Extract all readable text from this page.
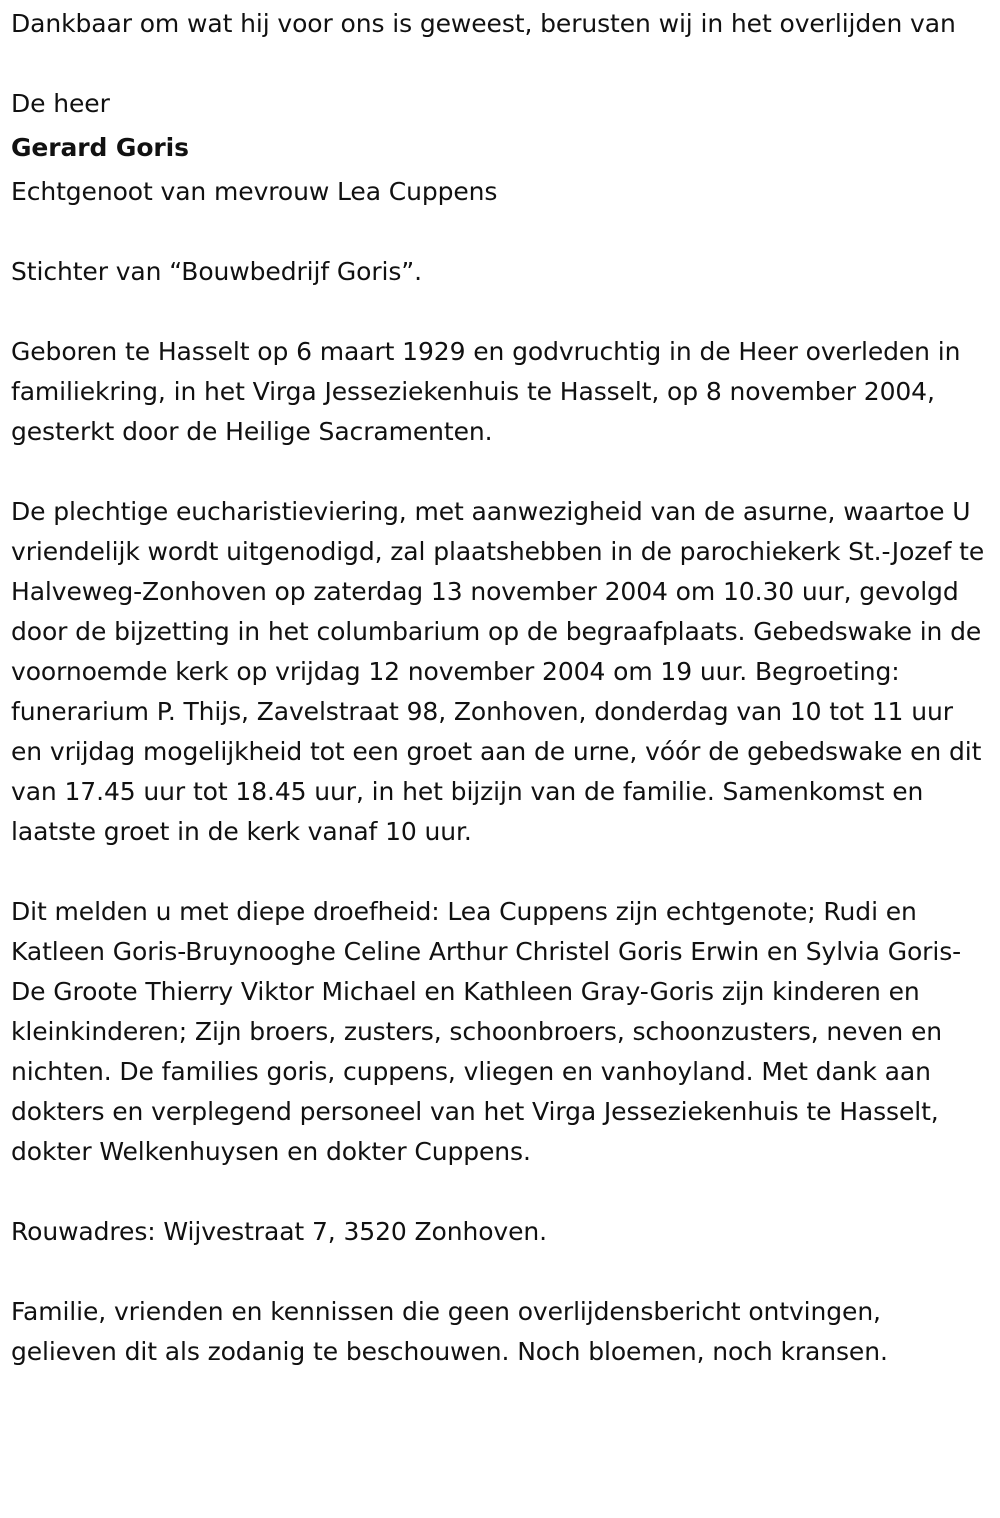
Dankbaar om wat hij voor ons is geweest, berusten wij in het overlijden van

De heer

Gerard Goris

Echtgenoot van mevrouw Lea Cuppens

Stichter van “Bouwbedrijf Goris”.

Geboren te Hasselt op 6 maart 1929 en godvruchtig in de Heer overleden in familiekring, in het Virga Jesseziekenhuis te Hasselt, op 8 november 2004, gesterkt door de Heilige Sacramenten.

De plechtige eucharistieviering, met aanwezigheid van de asurne, waartoe U vriendelijk wordt uitgenodigd, zal plaatshebben in de parochiekerk St.-Jozef te Halveweg-Zonhoven op zaterdag 13 november 2004 om 10.30 uur, gevolgd door de bijzetting in het columbarium op de begraafplaats. Gebedswake in de voornoemde kerk op vrijdag 12 november 2004 om 19 uur. Begroeting: funerarium P. Thijs, Zavelstraat 98, Zonhoven, donderdag van 10 tot 11 uur en vrijdag mogelijkheid tot een groet aan de urne, vóór de gebedswake en dit van 17.45 uur tot 18.45 uur, in het bijzijn van de familie. Samenkomst en laatste groet in de kerk vanaf 10 uur.

Dit melden u met diepe droefheid: Lea Cuppens zijn echtgenote; Rudi en Katleen Goris-Bruynooghe Celine Arthur Christel Goris Erwin en Sylvia Goris-De Groote Thierry Viktor Michael en Kathleen Gray-Goris zijn kinderen en kleinkinderen; Zijn broers, zusters, schoonbroers, schoonzusters, neven en nichten. De families goris, cuppens, vliegen en vanhoyland. Met dank aan dokters en verplegend personeel van het Virga Jesseziekenhuis te Hasselt, dokter Welkenhuysen en dokter Cuppens.

Rouwadres: Wijvestraat 7, 3520 Zonhoven.

Familie, vrienden en kennissen die geen overlijdensbericht ontvingen, gelieven dit als zodanig te beschouwen. Noch bloemen, noch kransen.
